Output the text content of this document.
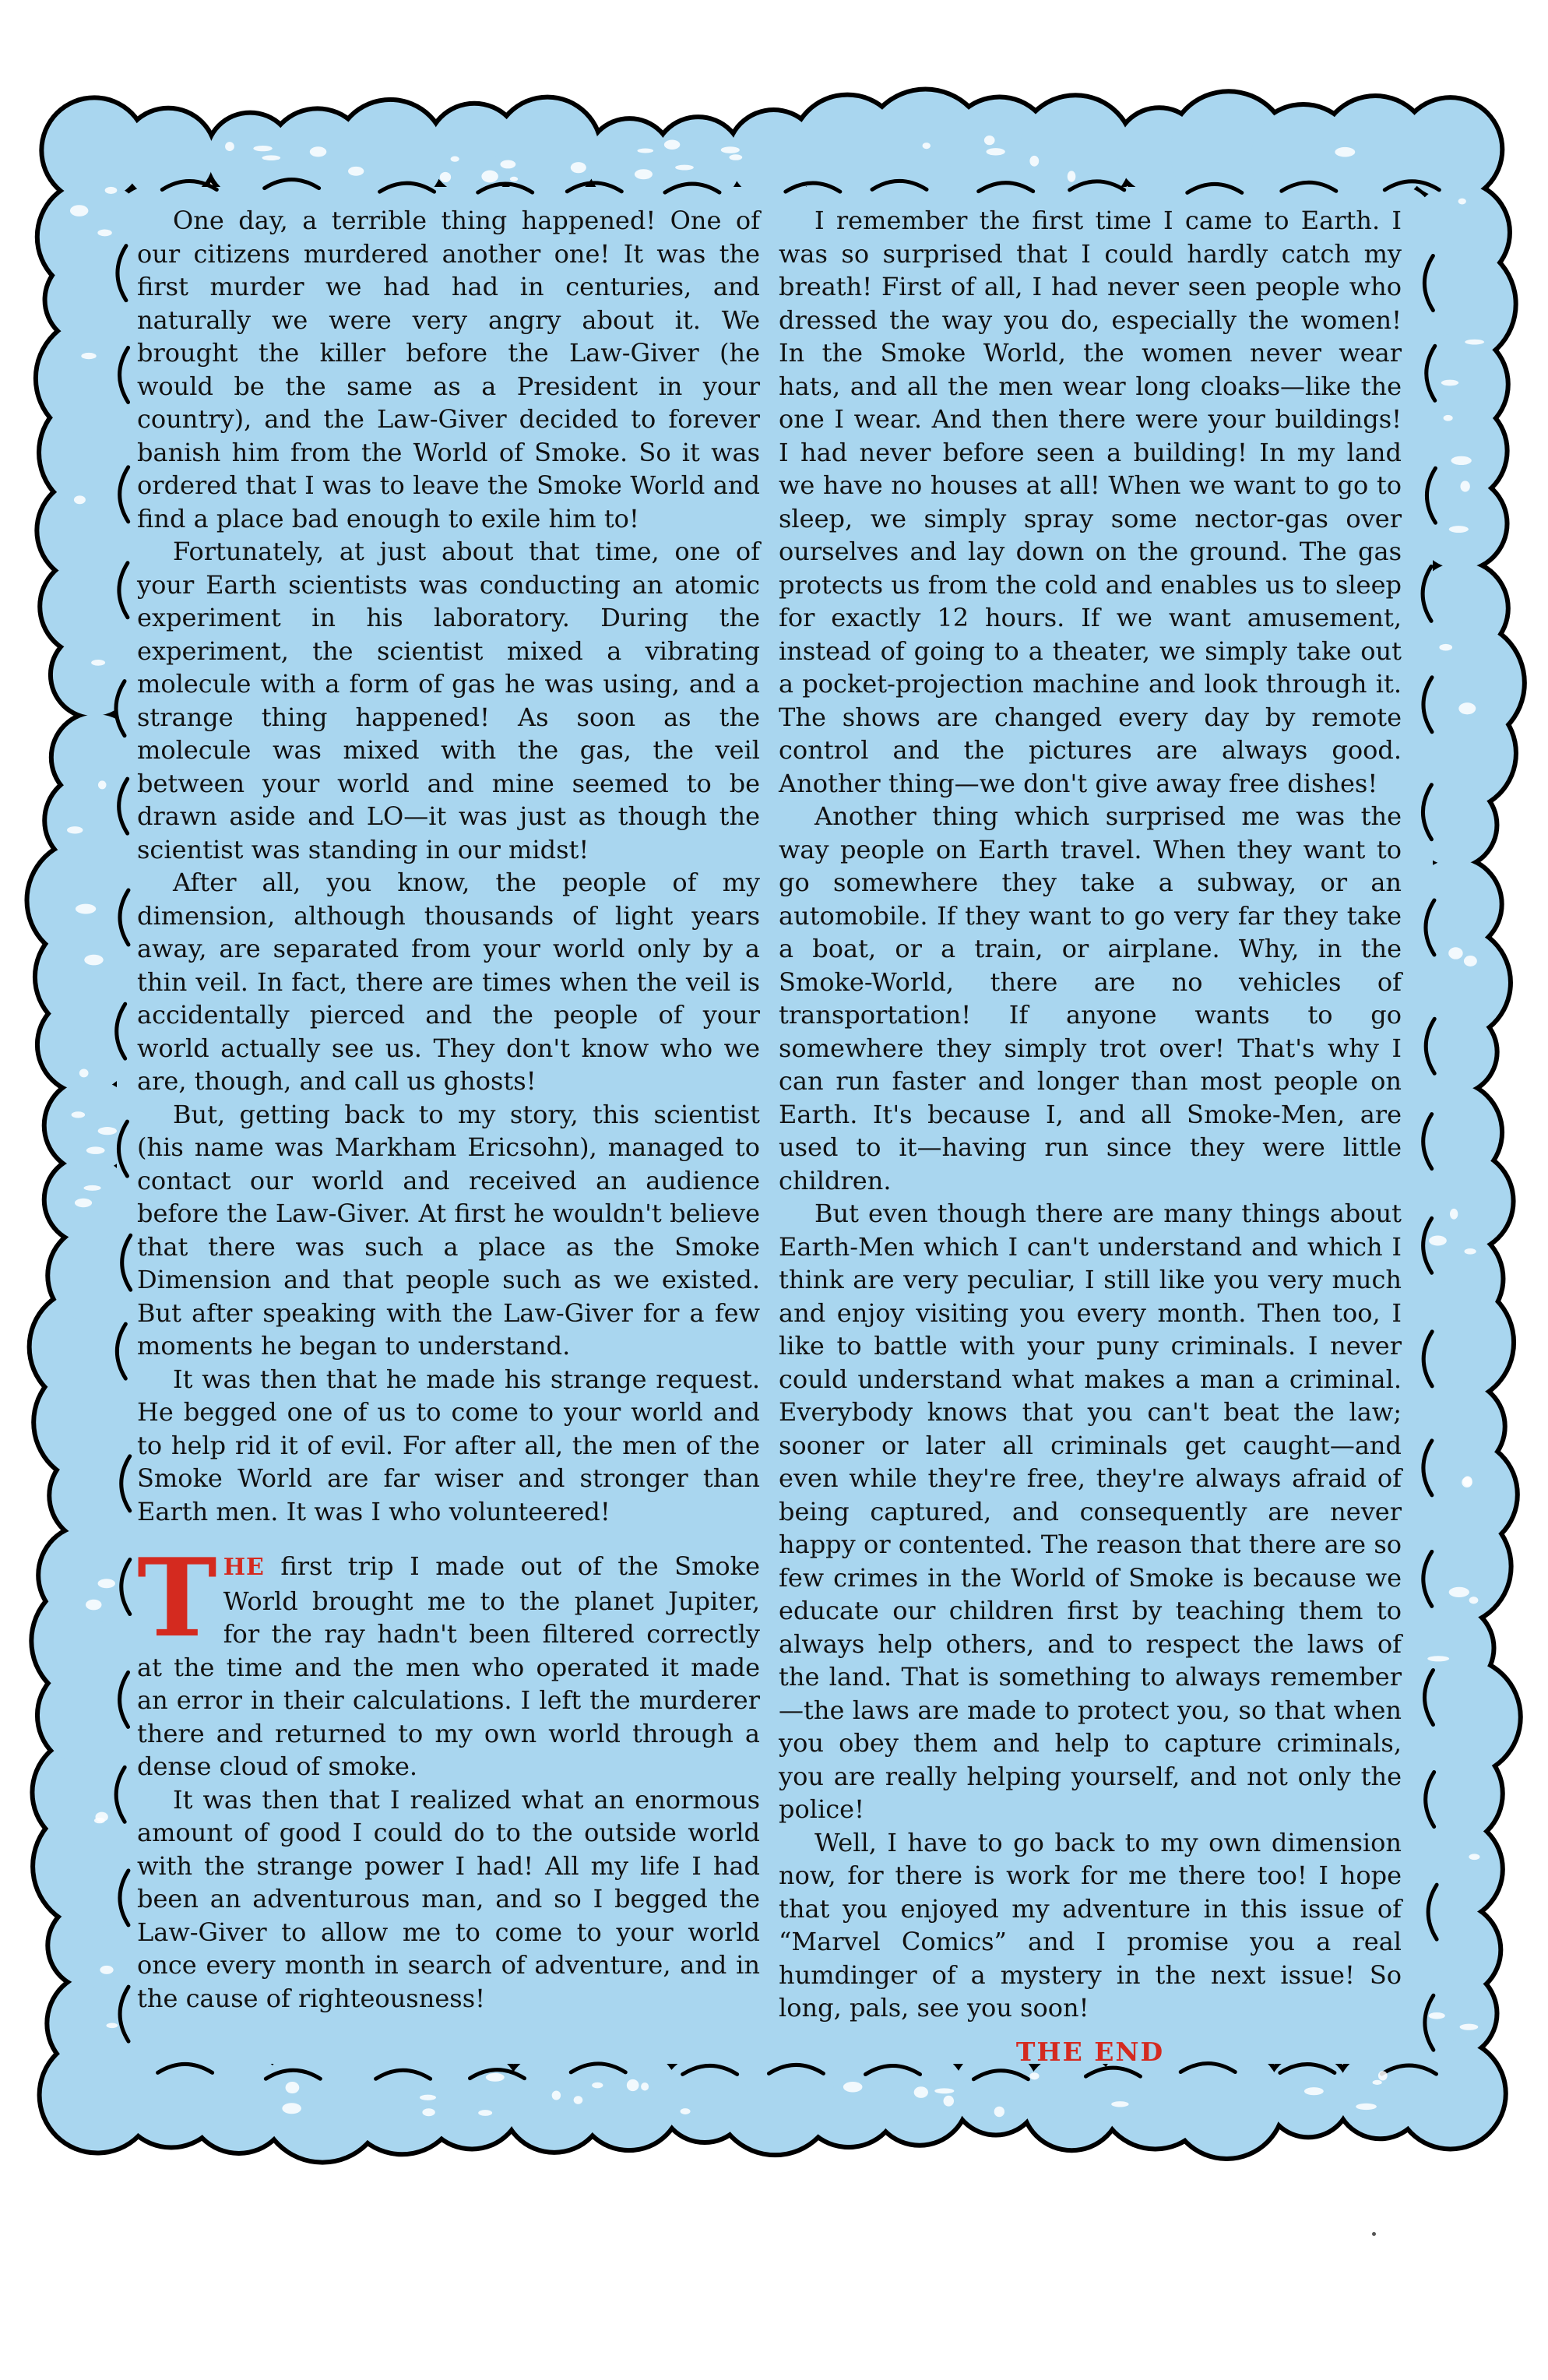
One day, a terrible thing happened! One of our citizens murdered another one! It was the first murder we had had in centuries, and naturally we were very angry about it. We brought the killer before the Law-Giver (he would be the same as a President in your country), and the Law-Giver decided to forever banish him from the World of Smoke. So it was ordered that I was to leave the Smoke World and find a place bad enough to exile him to!

Fortunately, at just about that time, one of your Earth scientists was conducting an atomic experiment in his laboratory. During the experiment, the scientist mixed a vibrating molecule with a form of gas he was using, and a strange thing happened! As soon as the molecule was mixed with the gas, the veil between your world and mine seemed to be drawn aside and LO—it was just as though the scientist was standing in our midst!

After all, you know, the people of my dimension, although thousands of light years away, are separated from your world only by a thin veil. In fact, there are times when the veil is accidentally pierced and the people of your world actually see us. They don't know who we are, though, and call us ghosts!

But, getting back to my story, this scientist (his name was Markham Ericsohn), managed to contact our world and received an audience before the Law-Giver. At first he wouldn't believe that there was such a place as the Smoke Dimension and that people such as we existed. But after speaking with the Law-Giver for a few moments he began to understand.

It was then that he made his strange request. He begged one of us to come to your world and to help rid it of evil. For after all, the men of the Smoke World are far wiser and stronger than Earth men. It was I who volunteered!

THE first trip I made out of the Smoke World brought me to the planet Jupiter, for the ray hadn't been filtered correctly at the time and the men who operated it made an error in their calculations. I left the murderer there and returned to my own world through a dense cloud of smoke.

It was then that I realized what an enormous amount of good I could do to the outside world with the strange power I had! All my life I had been an adventurous man, and so I begged the Law-Giver to allow me to come to your world once every month in search of adventure, and in the cause of righteousness!

I remember the first time I came to Earth. I was so surprised that I could hardly catch my breath! First of all, I had never seen people who dressed the way you do, especially the women! In the Smoke World, the women never wear hats, and all the men wear long cloaks—like the one I wear. And then there were your buildings! I had never before seen a building! In my land we have no houses at all! When we want to go to sleep, we simply spray some nector-gas over ourselves and lay down on the ground. The gas protects us from the cold and enables us to sleep for exactly 12 hours. If we want amusement, instead of going to a theater, we simply take out a pocket-projection machine and look through it. The shows are changed every day by remote control and the pictures are always good. Another thing—we don't give away free dishes!

Another thing which surprised me was the way people on Earth travel. When they want to go somewhere they take a subway, or an automobile. If they want to go very far they take a boat, or a train, or airplane. Why, in the Smoke-World, there are no vehicles of transportation! If anyone wants to go somewhere they simply trot over! That's why I can run faster and longer than most people on Earth. It's because I, and all Smoke-Men, are used to it—having run since they were little children.

But even though there are many things about Earth-Men which I can't understand and which I think are very peculiar, I still like you very much and enjoy visiting you every month. Then too, I like to battle with your puny criminals. I never could understand what makes a man a criminal. Everybody knows that you can't beat the law; sooner or later all criminals get caught—and even while they're free, they're always afraid of being captured, and consequently are never happy or contented. The reason that there are so few crimes in the World of Smoke is because we educate our children first by teaching them to always help others, and to respect the laws of the land. That is something to always remember—the laws are made to protect you, so that when you obey them and help to capture criminals, you are really helping yourself, and not only the police!

Well, I have to go back to my own dimension now, for there is work for me there too! I hope that you enjoyed my adventure in this issue of “Marvel Comics” and I promise you a real humdinger of a mystery in the next issue! So long, pals, see you soon!

THE END
